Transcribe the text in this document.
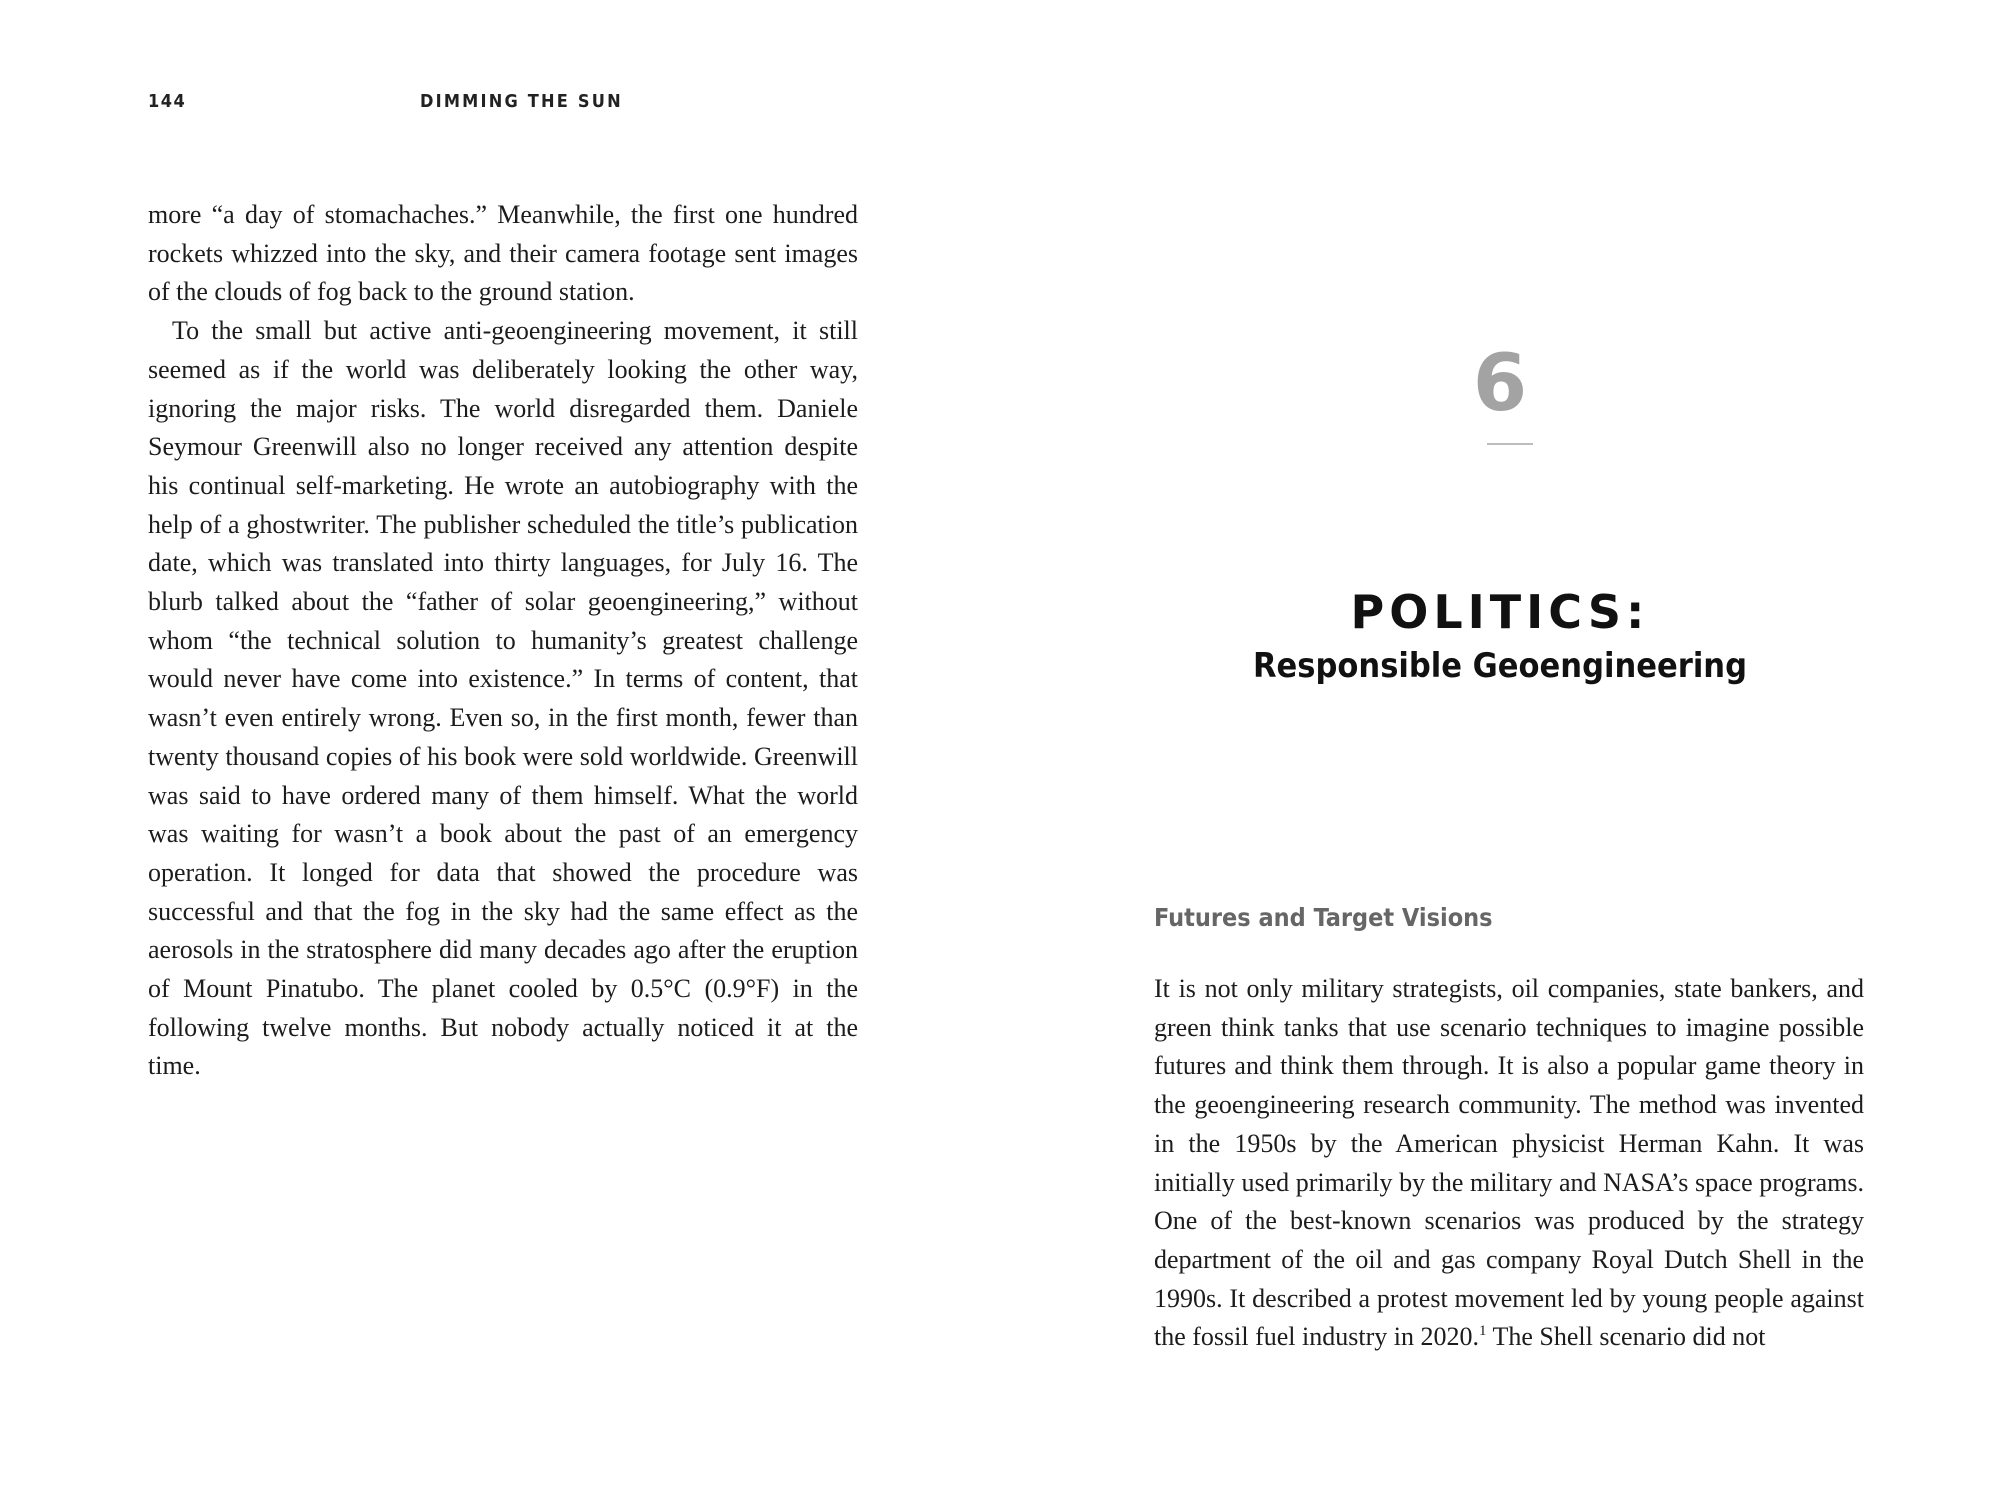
144	DIMMING THE SUN

more “a day of stomachaches.” Meanwhile, the first one hundred rockets whizzed into the sky, and their camera footage sent images of the clouds of fog back to the ground station.

To the small but active anti-geoengineering movement, it still seemed as if the world was deliberately looking the other way, ignoring the major risks. The world disregarded them. Daniele Seymour Greenwill also no longer received any attention despite his continual self-marketing. He wrote an autobiography with the help of a ghostwriter. The publisher scheduled the title’s publication date, which was translated into thirty languages, for July 16. The blurb talked about the “father of solar geoengineering,” without whom “the technical solution to humanity’s greatest challenge would never have come into existence.” In terms of content, that wasn’t even entirely wrong. Even so, in the first month, fewer than twenty thousand copies of his book were sold worldwide. Greenwill was said to have ordered many of them himself. What the world was waiting for wasn’t a book about the past of an emergency operation. It longed for data that showed the procedure was successful and that the fog in the sky had the same effect as the aerosols in the stratosphere did many decades ago after the eruption of Mount Pinatubo. The planet cooled by 0.5°C (0.9°F) in the following twelve months. But nobody actually noticed it at the time.

6
POLITICS:
Responsible Geoengineering
Futures and Target Visions

It is not only military strategists, oil companies, state bankers, and green think tanks that use scenario techniques to imagine possible futures and think them through. It is also a popular game theory in the geoengineering research community. The method was invented in the 1950s by the American physicist Herman Kahn. It was initially used primarily by the military and NASA’s space programs. One of the best-known scenarios was produced by the strategy department of the oil and gas company Royal Dutch Shell in the 1990s. It described a protest movement led by young people against the fossil fuel industry in 2020.$^1$ The Shell scenario did not
